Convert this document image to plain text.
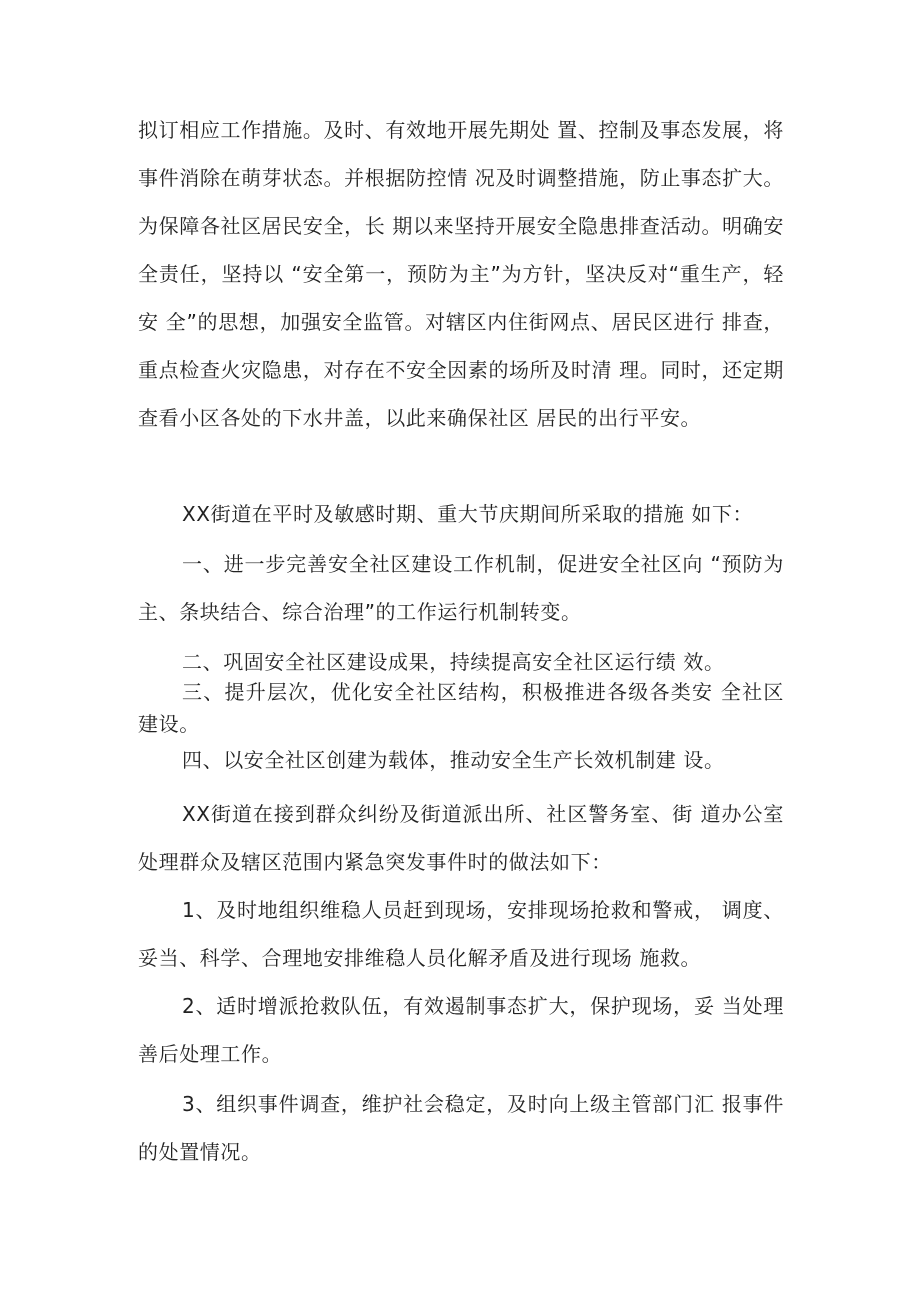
拟订相应工作措施。及时、有效地开展先期处 置、控制及事态发展，将事件消除在萌芽状态。并根据防控情 况及时调整措施，防止事态扩大。为保障各社区居民安全，长 期以来坚持开展安全隐患排查活动。明确安全责任，坚持以 “安全第一，预防为主”为方针，坚决反对“重生产，轻安 全”的思想，加强安全监管。对辖区内住街网点、居民区进行 排查，重点检查火灾隐患，对存在不安全因素的场所及时清 理。同时，还定期查看小区各处的下水井盖，以此来确保社区 居民的出行平安。

XX街道在平时及敏感时期、重大节庆期间所采取的措施 如下：

一、进一步完善安全社区建设工作机制，促进安全社区向 “预防为主、条块结合、综合治理”的工作运行机制转变。

二、巩固安全社区建设成果，持续提高安全社区运行绩 效。

三、提升层次，优化安全社区结构，积极推进各级各类安 全社区建设。

四、以安全社区创建为载体，推动安全生产长效机制建 设。

XX街道在接到群众纠纷及街道派出所、社区警务室、街 道办公室处理群众及辖区范围内紧急突发事件时的做法如下：

1、及时地组织维稳人员赶到现场，安排现场抢救和警戒， 调度、妥当、科学、合理地安排维稳人员化解矛盾及进行现场 施救。

2、适时增派抢救队伍，有效遏制事态扩大，保护现场，妥 当处理善后处理工作。

3、组织事件调查，维护社会稳定，及时向上级主管部门汇 报事件的处置情况。
